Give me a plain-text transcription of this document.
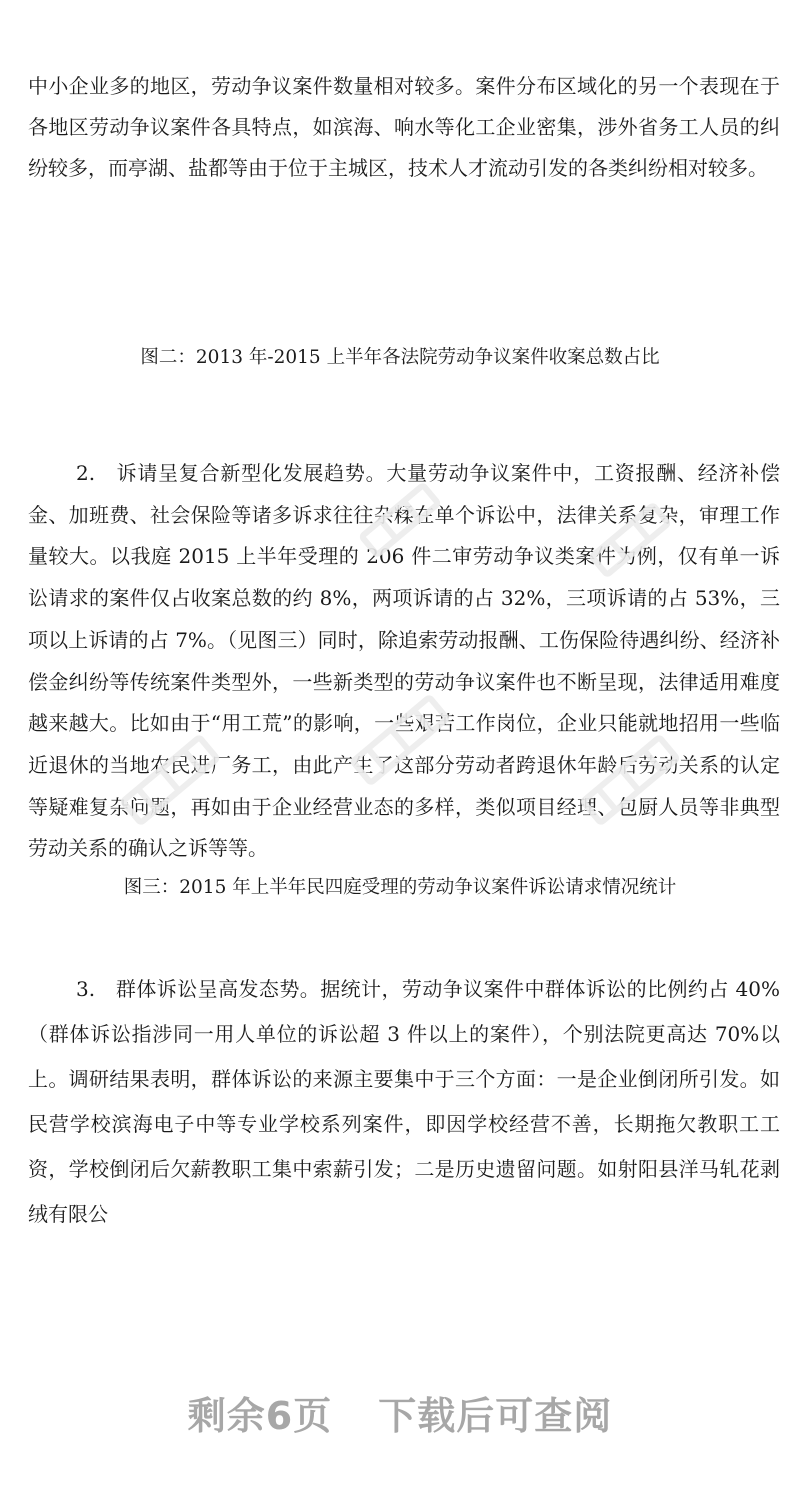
中小企业多的地区，劳动争议案件数量相对较多。案件分布区域化的另一个表现在于各地区劳动争议案件各具特点，如滨海、响水等化工企业密集，涉外省务工人员的纠纷较多，而亭湖、盐都等由于位于主城区，技术人才流动引发的各类纠纷相对较多。

图二：2013 年-2015 上半年各法院劳动争议案件收案总数占比

2.　诉请呈复合新型化发展趋势。大量劳动争议案件中，工资报酬、经济补偿金、加班费、社会保险等诸多诉求往往杂糅在单个诉讼中，法律关系复杂，审理工作量较大。以我庭 2015 上半年受理的 206 件二审劳动争议类案件为例，仅有单一诉讼请求的案件仅占收案总数的约 8%，两项诉请的占 32%，三项诉请的占 53%，三项以上诉请的占 7%。（见图三）同时，除追索劳动报酬、工伤保险待遇纠纷、经济补偿金纠纷等传统案件类型外，一些新类型的劳动争议案件也不断呈现，法律适用难度越来越大。比如由于“用工荒”的影响，一些艰苦工作岗位，企业只能就地招用一些临近退休的当地农民进厂务工，由此产生了这部分劳动者跨退休年龄后劳动关系的认定等疑难复杂问题，再如由于企业经营业态的多样，类似项目经理、包厨人员等非典型劳动关系的确认之诉等等。

图三：2015 年上半年民四庭受理的劳动争议案件诉讼请求情况统计

3.　群体诉讼呈高发态势。据统计，劳动争议案件中群体诉讼的比例约占 40%（群体诉讼指涉同一用人单位的诉讼超 3 件以上的案件），个别法院更高达 70%以上。调研结果表明，群体诉讼的来源主要集中于三个方面：一是企业倒闭所引发。如民营学校滨海电子中等专业学校系列案件，即因学校经营不善，长期拖欠教职工工资，学校倒闭后欠薪教职工集中索薪引发；二是历史遗留问题。如射阳县洋马轧花剥绒有限公

剩余6页 下载后可查阅
